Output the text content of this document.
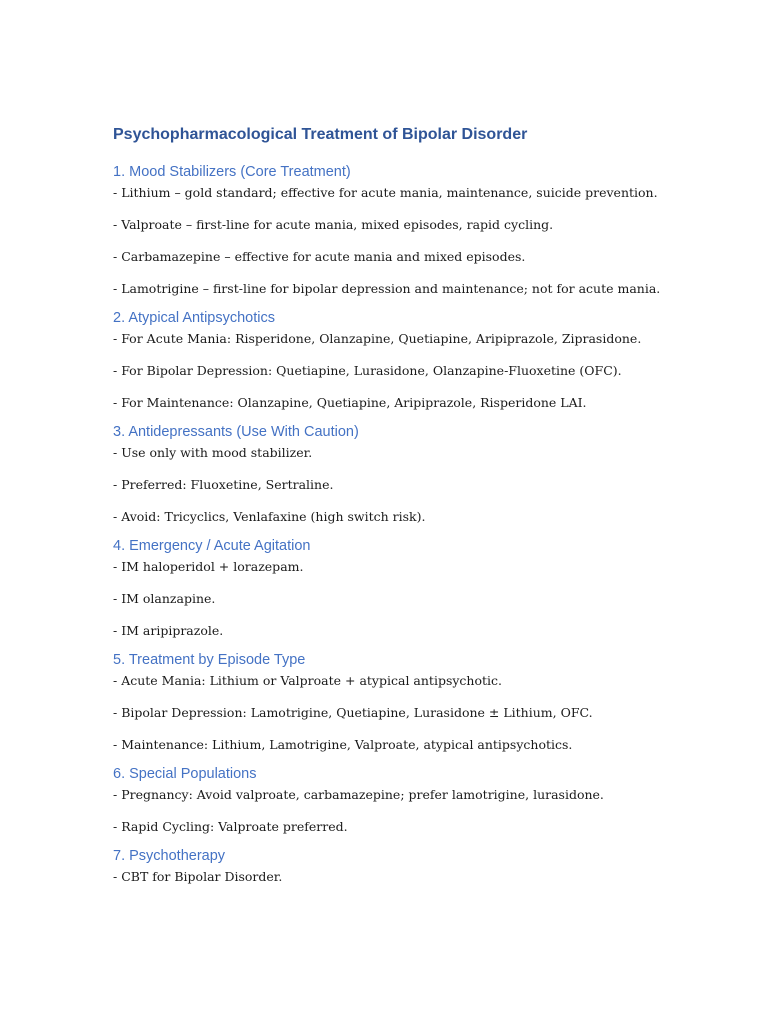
Psychopharmacological Treatment of Bipolar Disorder
1. Mood Stabilizers (Core Treatment)
- Lithium – gold standard; effective for acute mania, maintenance, suicide prevention.
- Valproate – first-line for acute mania, mixed episodes, rapid cycling.
- Carbamazepine – effective for acute mania and mixed episodes.
- Lamotrigine – first-line for bipolar depression and maintenance; not for acute mania.
2. Atypical Antipsychotics
- For Acute Mania: Risperidone, Olanzapine, Quetiapine, Aripiprazole, Ziprasidone.
- For Bipolar Depression: Quetiapine, Lurasidone, Olanzapine-Fluoxetine (OFC).
- For Maintenance: Olanzapine, Quetiapine, Aripiprazole, Risperidone LAI.
3. Antidepressants (Use With Caution)
- Use only with mood stabilizer.
- Preferred: Fluoxetine, Sertraline.
- Avoid: Tricyclics, Venlafaxine (high switch risk).
4. Emergency / Acute Agitation
- IM haloperidol + lorazepam.
- IM olanzapine.
- IM aripiprazole.
5. Treatment by Episode Type
- Acute Mania: Lithium or Valproate + atypical antipsychotic.
- Bipolar Depression: Lamotrigine, Quetiapine, Lurasidone ± Lithium, OFC.
- Maintenance: Lithium, Lamotrigine, Valproate, atypical antipsychotics.
6. Special Populations
- Pregnancy: Avoid valproate, carbamazepine; prefer lamotrigine, lurasidone.
- Rapid Cycling: Valproate preferred.
7. Psychotherapy
- CBT for Bipolar Disorder.
